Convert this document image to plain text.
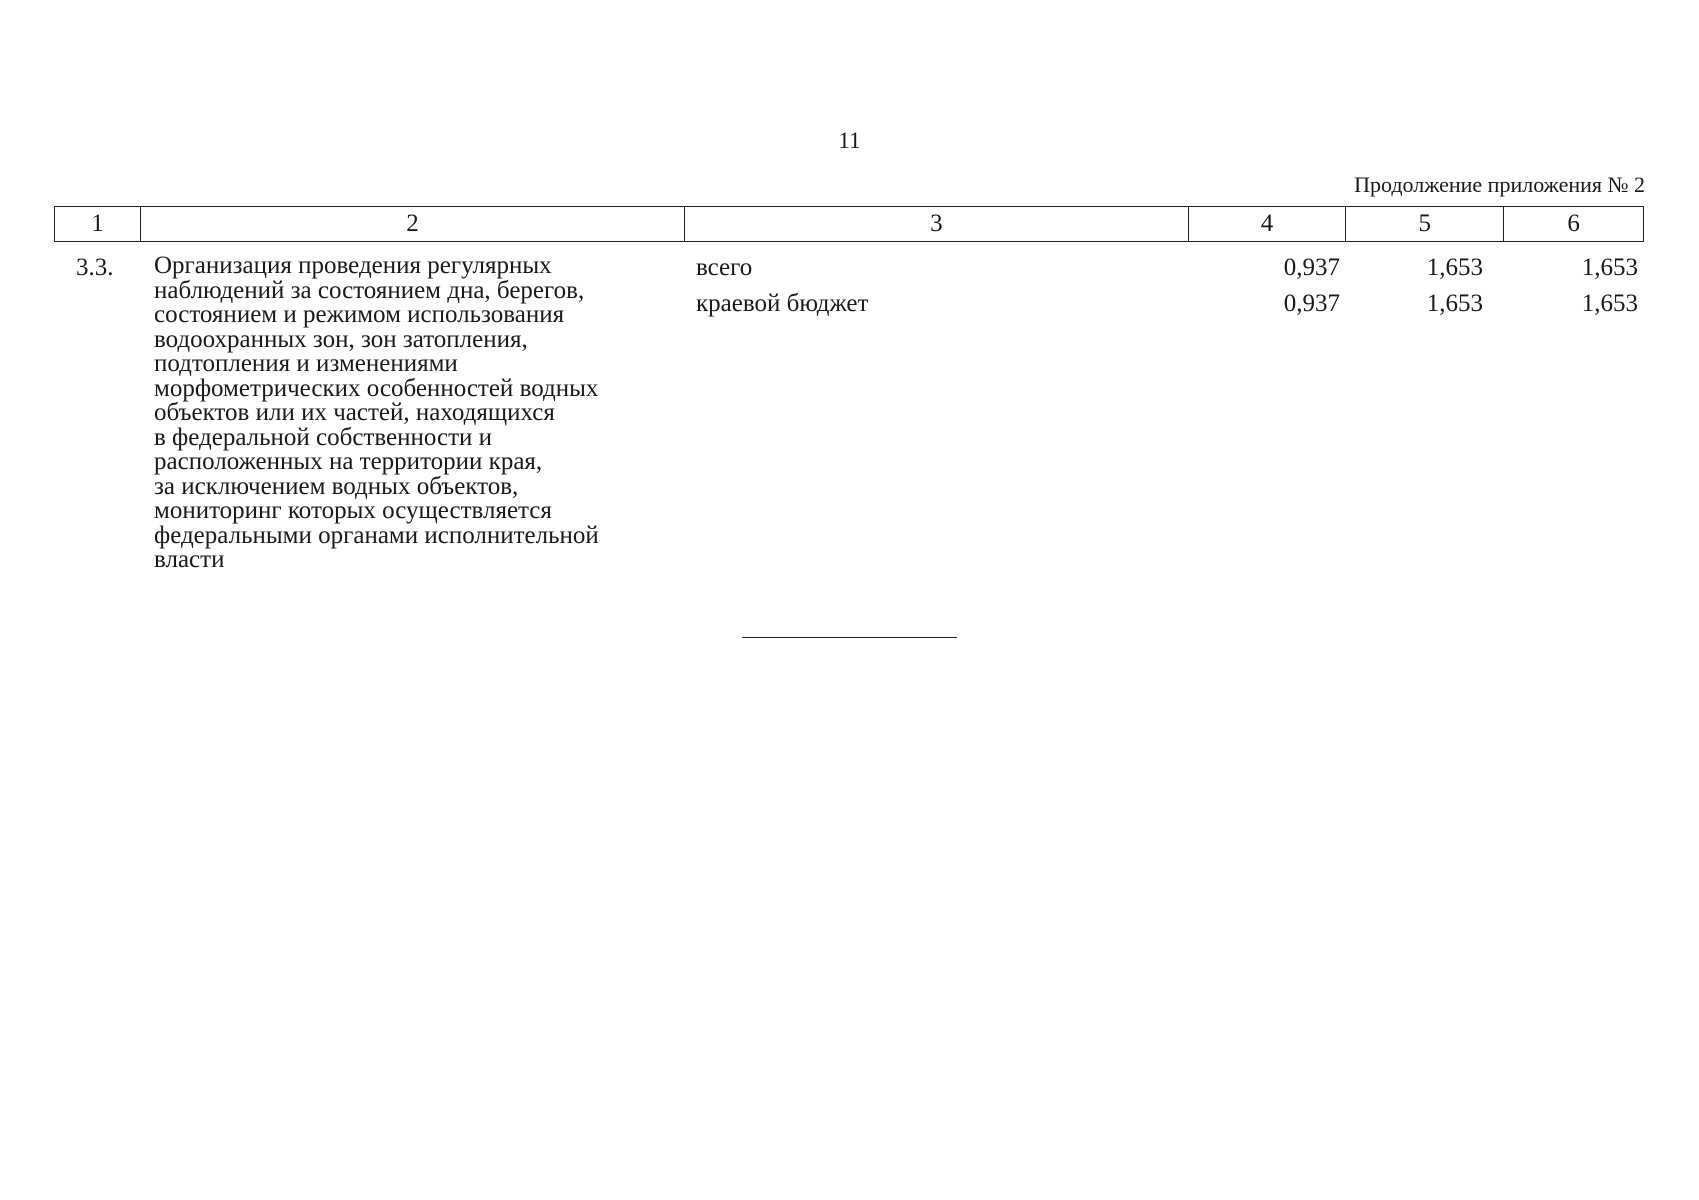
11
Продолжение приложения № 2
1	2	3	4	5	6
3.3. Организация проведения регулярных
наблюдений за состоянием дна, берегов,
состоянием и режимом использования
водоохранных зон, зон затопления,
подтопления и изменениями
морфометрических особенностей водных
объектов или их частей, находящихся
в федеральной собственности и
расположенных на территории края,
за исключением водных объектов,
мониторинг которых осуществляется
федеральными органами исполнительной
власти
всего	0,937	1,653	1,653
краевой бюджет	0,937	1,653	1,653
